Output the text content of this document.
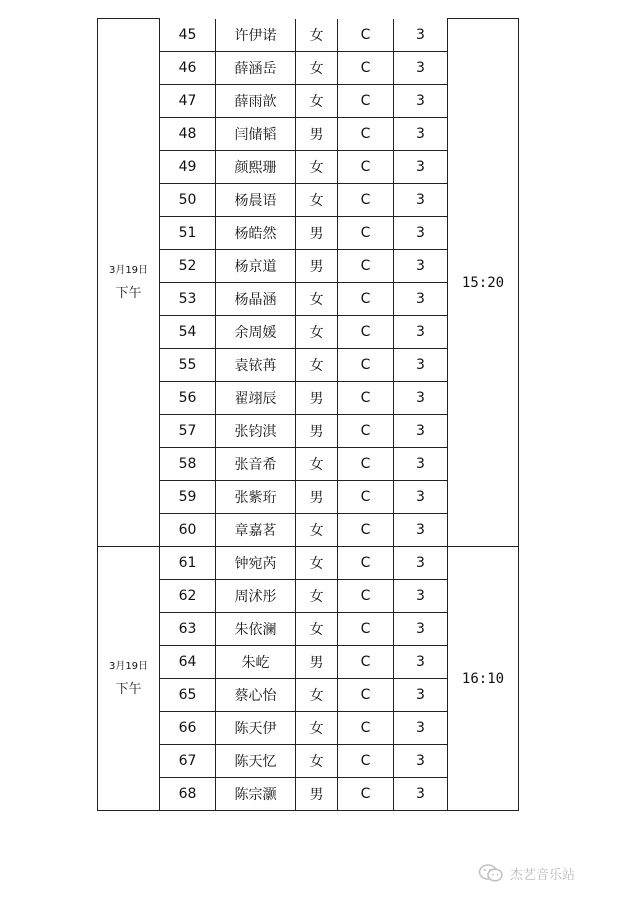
3月19日
下午	45	许伊诺	女	C	3	15:20
	46	薛涵岳	女	C	3	
	47	薛雨歆	女	C	3	
	48	闫储韬	男	C	3	
	49	颜熙珊	女	C	3	
	50	杨晨语	女	C	3	
	51	杨皓然	男	C	3	
	52	杨京道	男	C	3	
	53	杨晶涵	女	C	3	
	54	余周媛	女	C	3	
	55	袁铱苒	女	C	3	
	56	翟翊辰	男	C	3	
	57	张钧淇	男	C	3	
	58	张音希	女	C	3	
	59	张紫珩	男	C	3	
	60	章嘉茗	女	C	3	

3月19日
下午	61	钟宛芮	女	C	3	16:10
	62	周沭彤	女	C	3	
	63	朱依澜	女	C	3	
	64	朱屹	男	C	3	
	65	蔡心怡	女	C	3	
	66	陈天伊	女	C	3	
	67	陈天忆	女	C	3	
	68	陈宗灏	男	C	3	
杰艺音乐站
